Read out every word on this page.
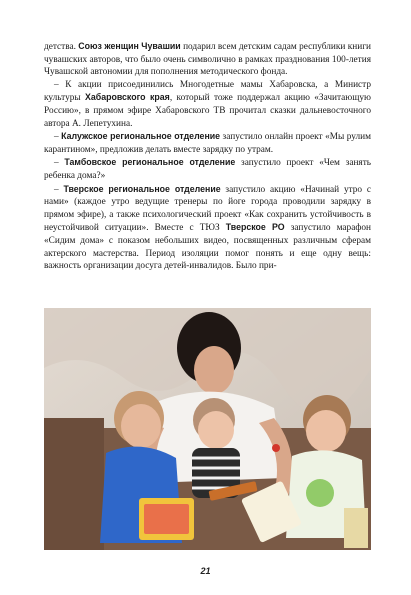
детства. Союз женщин Чувашии подарил всем детским садам республики книги чувашских авторов, что было очень символично в рамках празднования 100-летия Чувашской автономии для пополнения методического фонда.

– К акции присоединились Многодетные мамы Хабаровска, а Министр культуры Хабаровского края, который тоже поддержал акцию «Зачитающую Россию», в прямом эфире Хабаровского ТВ прочитал сказки дальневосточного автора А. Лепетухина.

– Калужское региональное отделение запустило онлайн проект «Мы рулим карантином», предложив делать вместе зарядку по утрам.

– Тамбовское региональное отделение запустило проект «Чем занять ребенка дома?»

– Тверское региональное отделение запустило акцию «Начинай утро с нами» (каждое утро ведущие тренеры по йоге города проводили зарядку в прямом эфире), а также психологический проект «Как сохранить устойчивость в неустойчивой ситуации». Вместе с ТЮЗ Тверское РО запустило марафон «Сидим дома» с показом небольших видео, посвященных различным сферам актерского мастерства. Период изоляции помог понять и еще одну вещь: важность организации досуга детей-инвалидов. Было при-

21
